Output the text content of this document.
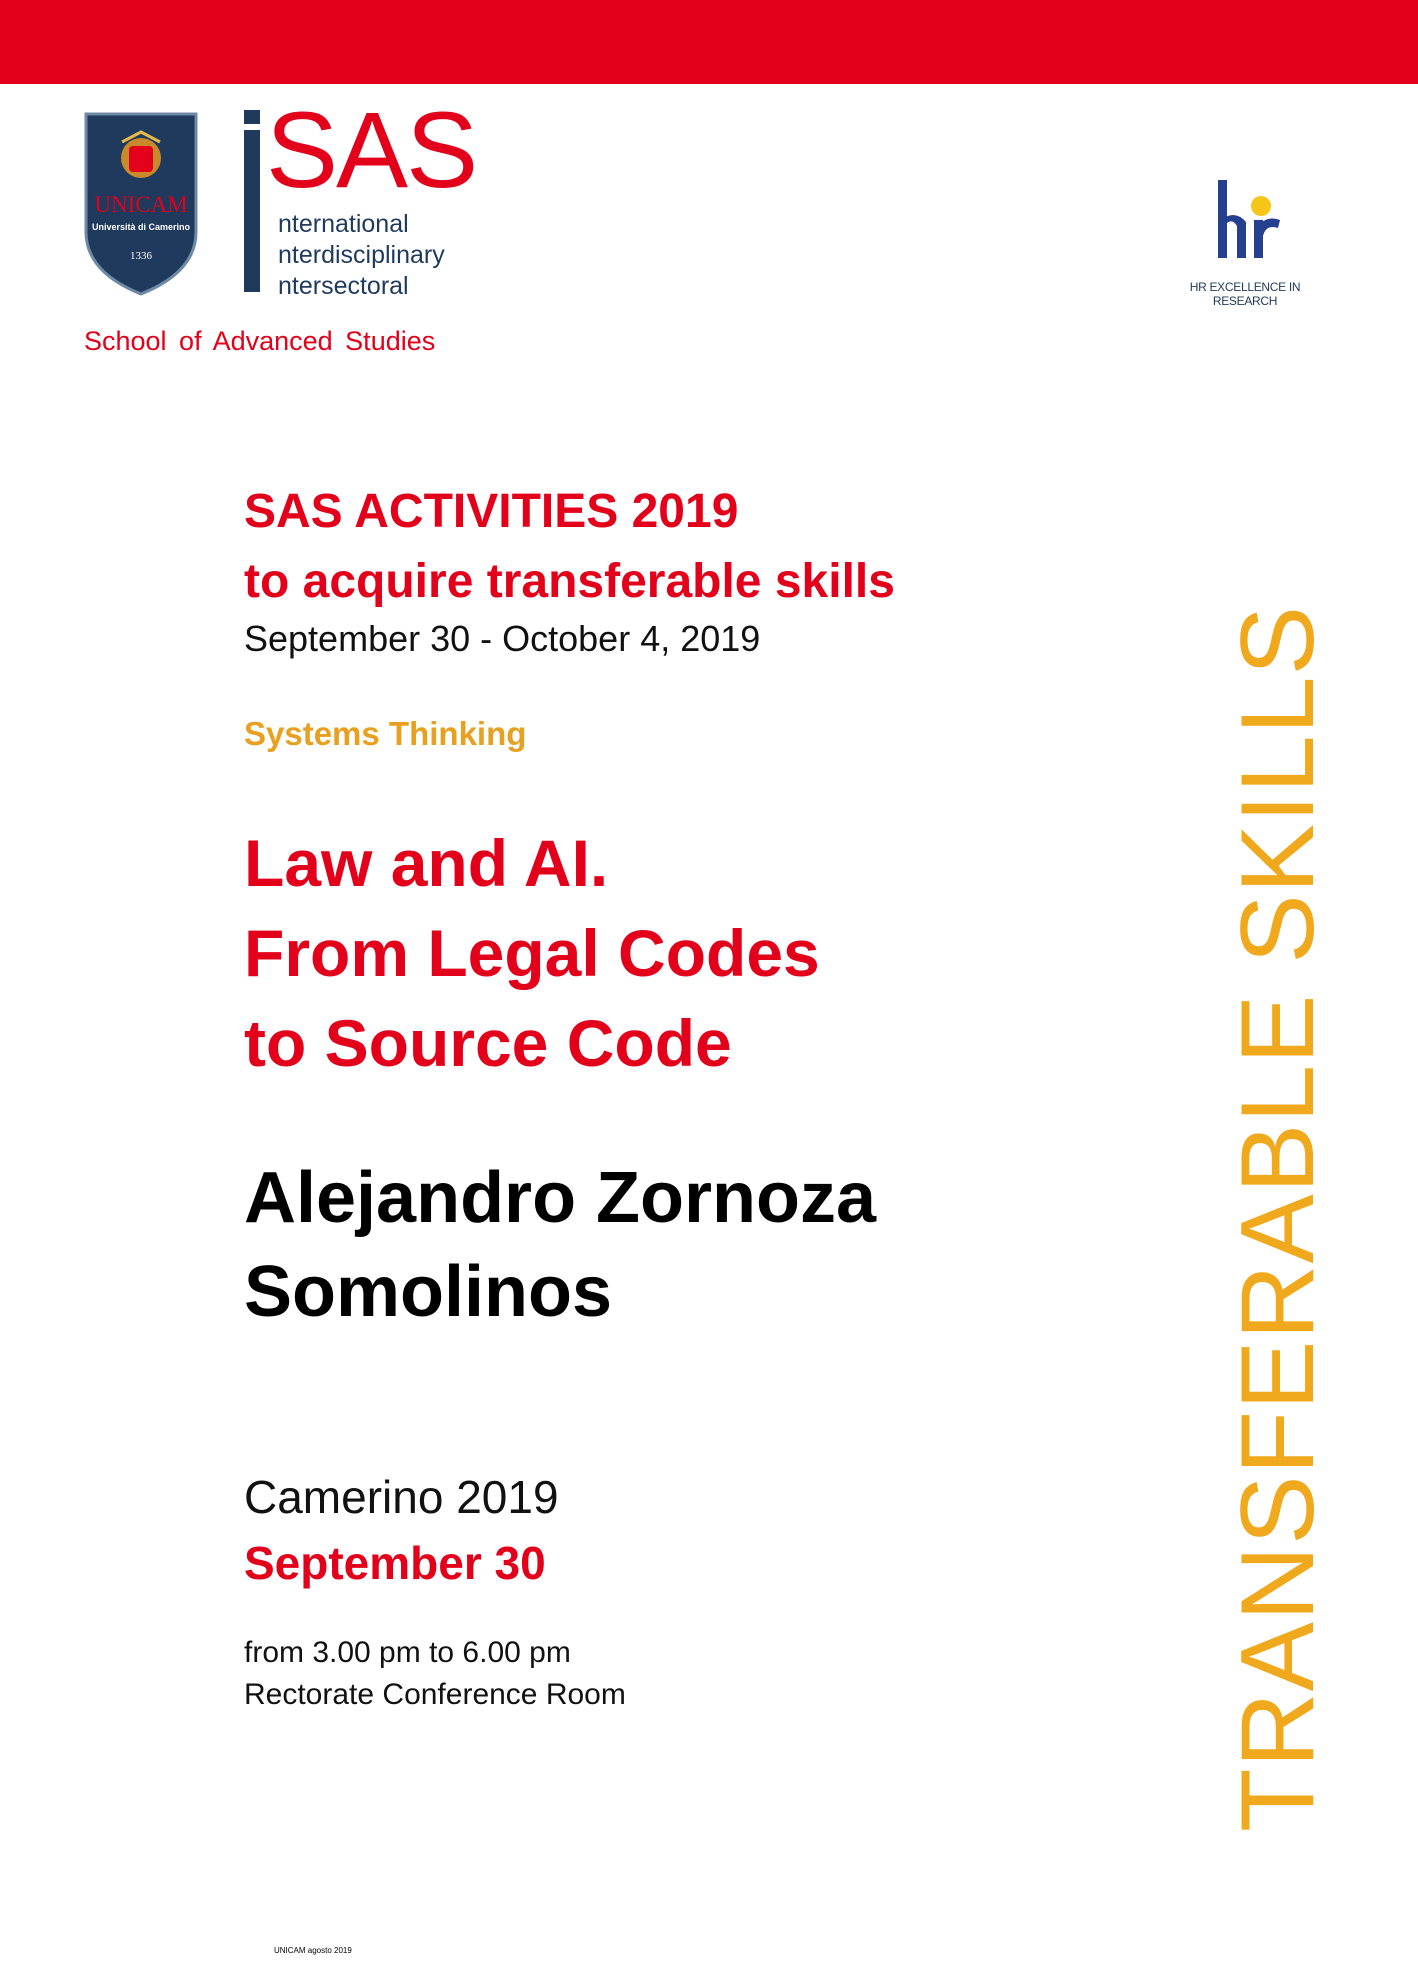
UNICAM
Università di Camerino
1336
SAS
nternational
nterdisciplinary
ntersectoral
School of Advanced Studies
HR EXCELLENCE IN RESEARCH
SAS ACTIVITIES 2019
to acquire transferable skills
September 30 - October 4, 2019
Systems Thinking
Law and AI.
From Legal Codes
to Source Code
Alejandro Zornoza
Somolinos
Camerino 2019
September 30
from 3.00 pm to 6.00 pm
Rectorate Conference Room	TRANSFERABLE SKILLS
UNICAM agosto 2019
